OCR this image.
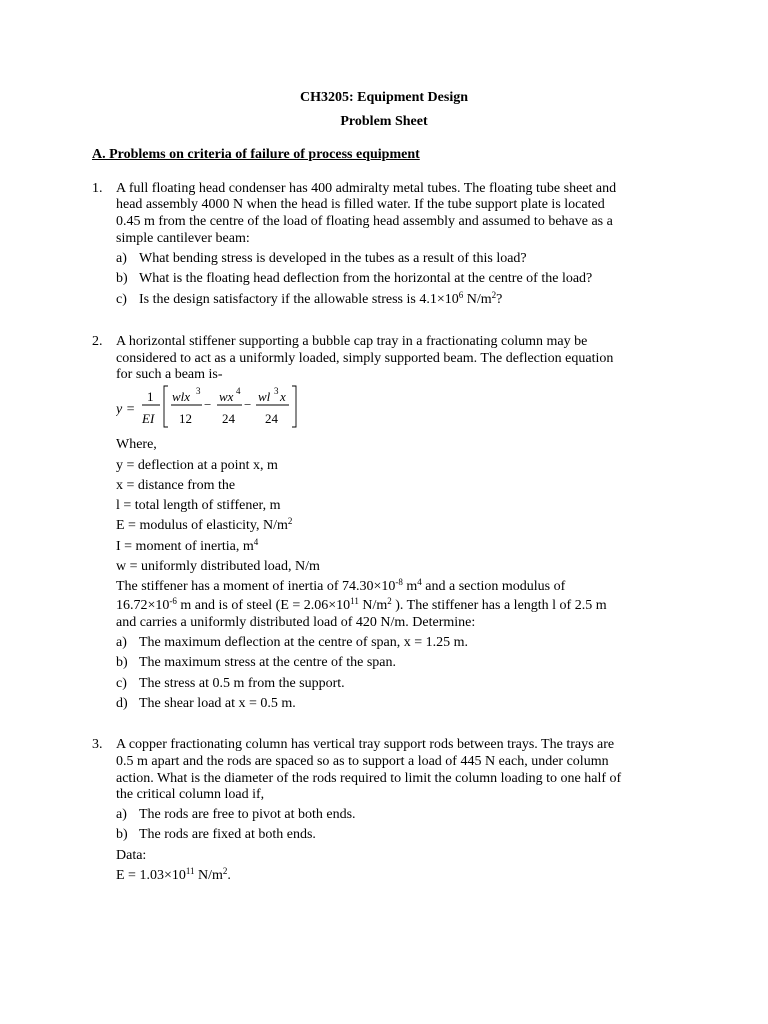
CH3205: Equipment Design
Problem Sheet
A. Problems on criteria of failure of process equipment
1. A full floating head condenser has 400 admiralty metal tubes. The floating tube sheet and
head assembly 4000 N when the head is filled water. If the tube support plate is located
0.45 m from the centre of the load of floating head assembly and assumed to behave as a
simple cantilever beam:
a) What bending stress is developed in the tubes as a result of this load?
b) What is the floating head deflection from the horizontal at the centre of the load?
c) Is the design satisfactory if the allowable stress is $4.1\times 10^6$ $N/m^2$?
2. A horizontal stiffener supporting a bubble cap tray in a fractionating column may be
considered to act as a uniformly loaded, simply supported beam. The deflection equation
for such a beam is-
y =
1
EI
wlx 3
12
−
wx 4
24
−
wl 3 x
24
Where,
y = deflection at a point x, m
x = distance from the
l = total length of stiffener, m
E = modulus of elasticity, $N/m^2$
I = moment of inertia, $m^4$
w = uniformly distributed load, N/m
The stiffener has a moment of inertia of $74.30\times 10^{-8}$ $m^4$ and a section modulus of
$16.72\times 10^{-6}$ m and is of steel ($E = 2.06\times 10^{11}$ $N/m^2$ ). The stiffener has a length l of 2.5 m
and carries a uniformly distributed load of 420 N/m. Determine:
a) The maximum deflection at the centre of span, x = 1.25 m.
b) The maximum stress at the centre of the span.
c) The stress at 0.5 m from the support.
d) The shear load at x = 0.5 m.
3. A copper fractionating column has vertical tray support rods between trays. The trays are
0.5 m apart and the rods are spaced so as to support a load of 445 N each, under column
action. What is the diameter of the rods required to limit the column loading to one half of
the critical column load if,
a) The rods are free to pivot at both ends.
b) The rods are fixed at both ends.
Data:
$E = 1.03\times 10^{11}$ $N/m^2$.
